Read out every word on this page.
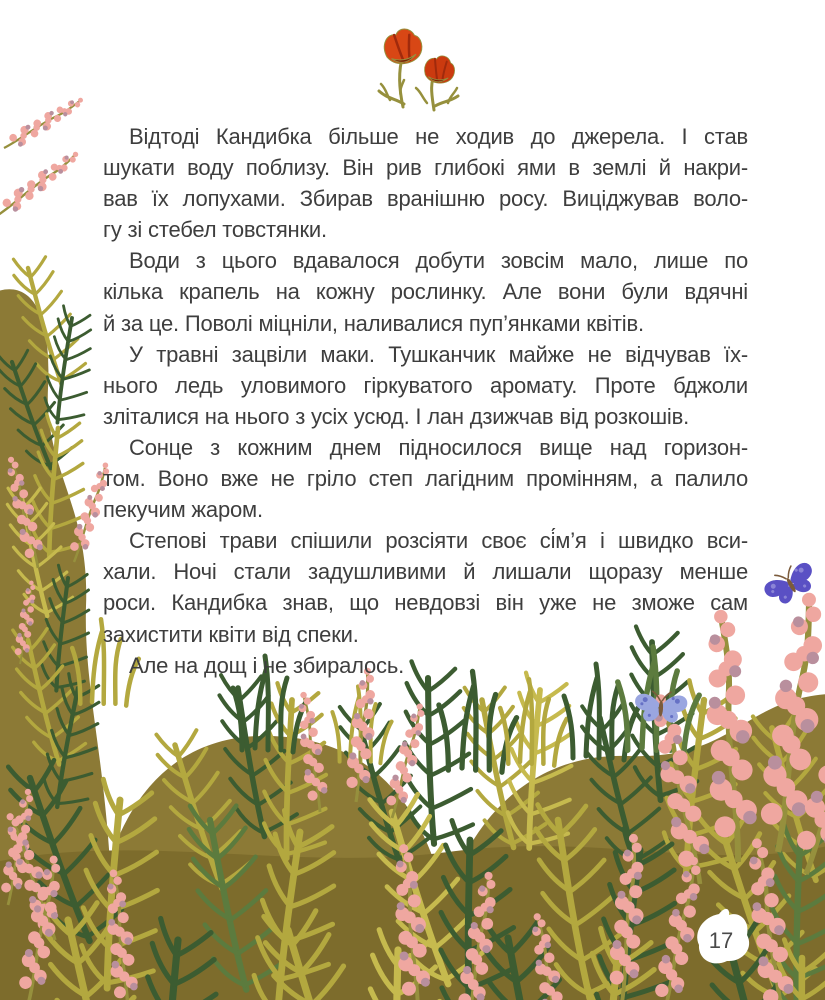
Відтоді Кандибка більше не ходив до джерела. І став
шукати воду поблизу. Він рив глибокі ями в землі й накри-
вав їх лопухами. Збирав вранішню росу. Виціджував воло-
гу зі стебел товстянки.

Води з цього вдавалося добути зовсім мало, лише по
кілька крапель на кожну рослинку. Але вони були вдячні
й за це. Поволі міцніли, наливалися пуп’янками квітів.

У травні зацвіли маки. Тушканчик майже не відчував їх-
нього ледь уловимого гіркуватого аромату. Проте бджоли
зліталися на нього з усіх усюд. І лан дзижчав від розкошів.

Сонце з кожним днем підносилося вище над горизон-
том. Воно вже не гріло степ лагідним промінням, а палило
пекучим жаром.

Степові трави спішили розсіяти своє сі́м’я і швидко вси-
хали. Ночі стали задушливими й лишали щоразу менше
роси. Кандибка знав, що невдовзі він уже не зможе сам
захистити квіти від спеки.

Але на дощ і не збиралось.

17
